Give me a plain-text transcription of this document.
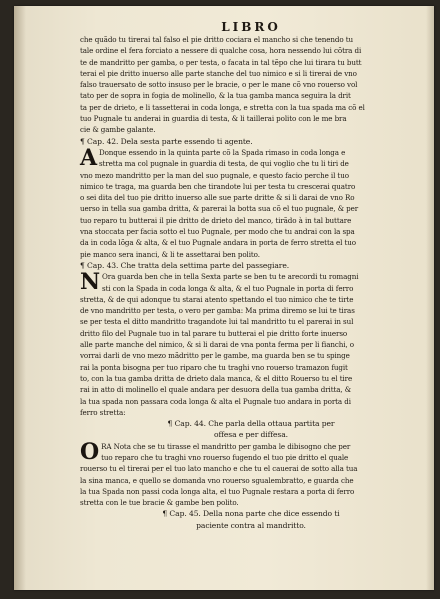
LIBRO
che quãdo tu tirerai tal falso el pie dritto cociara el mancho si che tenendo tu
tale ordine el fera forciato a nessere di qualche cosa, hora nessendo lui cõtra di
te de mandritto per gamba, o per testa, o facata in tal tẽpo che lui tirara tu butt
terai el pie dritto inuerso alle parte stanche del tuo nimico e si li tirerai de vno
falso trauersato de sotto insuso per le bracie, o per le mane cõ vno rouerso vol
tato per de sopra in fogia de molinello, & la tua gamba manca seguira la drit
ta per de drieto, e li tassetterai in coda longa, e stretta con la tua spada ma cõ el
tuo Pugnale tu anderai in guardia di testa, & li taillerai polito con le me bra
cie & gambe galante.
¶ Cap. 42. Dela sesta parte essendo ti agente.
A Donque essendo in la quinta parte cõ la Spada rimaso in coda longa e
stretta ma col pugnale in guardia di testa, de qui voglio che tu li tiri de
vno mezo mandritto per la man del suo pugnale, e questo facio perche il tuo
nimico te traga, ma guarda ben che tirandote lui per testa tu crescerai quatro
o sei dita del tuo pie dritto inuerso alle sue parte dritte & si li darai de vno Ro
uerso in tella sua gamba dritta, & parerai la botta sua cõ el tuo pugnale, & per
tuo reparo tu butterai il pie dritto de drieto del manco, tirãdo à in tal buttare
vna stoccata per facia sotto el tuo Pugnale, per modo che tu andrai con la spa
da in coda lõga & alta, & el tuo Pugnale andara in porta de ferro stretta el tuo
pie manco sera inanci, & li te assettarai ben polito.
¶ Cap. 43. Che tratta dela settima parte del passegiare.
N Ora guarda ben che in tella Sexta parte se ben tu te arecordi tu romagni
sti con la Spada in coda longa & alta, & el tuo Pugnale in porta di ferro
stretta, & de qui adonque tu starai atento spettando el tuo nimico che te tirte
de vno mandritto per testa, o vero per gamba: Ma prima diremo se lui te tiras
se per testa el ditto mandritto tragandote lui tal mandritto tu el parerai in sul
dritto filo del Pugnale tuo in tal parare tu butterai el pie dritto forte inuerso
alle parte manche del nimico, & si li darai de vna ponta ferma per li fianchi, o
vorrai darli de vno mezo mãdritto per le gambe, ma guarda ben se tu spinge
rai la ponta bisogna per tuo riparo che tu traghi vno rouerso tramazon fugit
to, con la tua gamba dritta de drieto dala manca, & el ditto Rouerso tu el tire
rai in atto di molinello el quale andara per desuora della tua gamba dritta, &
la tua spada non passara coda longa & alta el Pugnale tuo andara in porta di
ferro stretta:
¶ Cap. 44. Che parla della ottaua partita per
offesa e per diffesa.
O RA Nota che se tu tirasse el mandritto per gamba le dibisogno che per
tuo reparo che tu traghi vno rouerso fugendo el tuo pie dritto el quale
rouerso tu el tirerai per el tuo lato mancho e che tu el cauerai de sotto alla tua
la sina manca, e quello se domanda vno rouerso sgualembratto, e guarda che
la tua Spada non passi coda longa alta, el tuo Pugnale restara a porta di ferro
stretta con le tue bracie & gambe ben polito.
¶ Cap. 45. Della nona parte che dice essendo ti
paciente contra al mandritto.
